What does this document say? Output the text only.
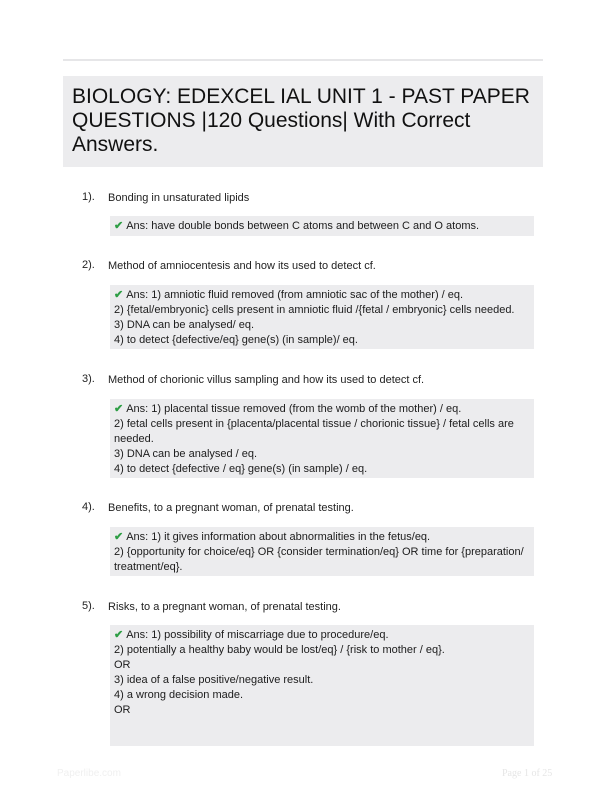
BIOLOGY: EDEXCEL IAL UNIT 1 - PAST PAPER QUESTIONS |120 Questions| With Correct Answers.
1). Bonding in unsaturated lipids
✔ Ans: have double bonds between C atoms and between C and O atoms.
2). Method of amniocentesis and how its used to detect cf.
✔ Ans: 1) amniotic fluid removed (from amniotic sac of the mother) / eq.
2) {fetal/embryonic} cells present in amniotic fluid /{fetal / embryonic} cells needed.
3) DNA can be analysed/ eq.
4) to detect {defective/eq} gene(s) (in sample)/ eq.
3). Method of chorionic villus sampling and how its used to detect cf.
✔ Ans: 1) placental tissue removed (from the womb of the mother) / eq.
2) fetal cells present in {placenta/placental tissue / chorionic tissue} / fetal cells are needed.
3) DNA can be analysed / eq.
4) to detect {defective / eq} gene(s) (in sample) / eq.
4). Benefits, to a pregnant woman, of prenatal testing.
✔ Ans: 1) it gives information about abnormalities in the fetus/eq.
2) {opportunity for choice/eq} OR {consider termination/eq} OR time for {preparation/ treatment/eq}.
5). Risks, to a pregnant woman, of prenatal testing.
✔ Ans: 1) possibility of miscarriage due to procedure/eq.
2) potentially a healthy baby would be lost/eq} / {risk to mother / eq}.
OR
3) idea of a false positive/negative result.
4) a wrong decision made.
OR
Paperlibe.com	Page 1 of 25
